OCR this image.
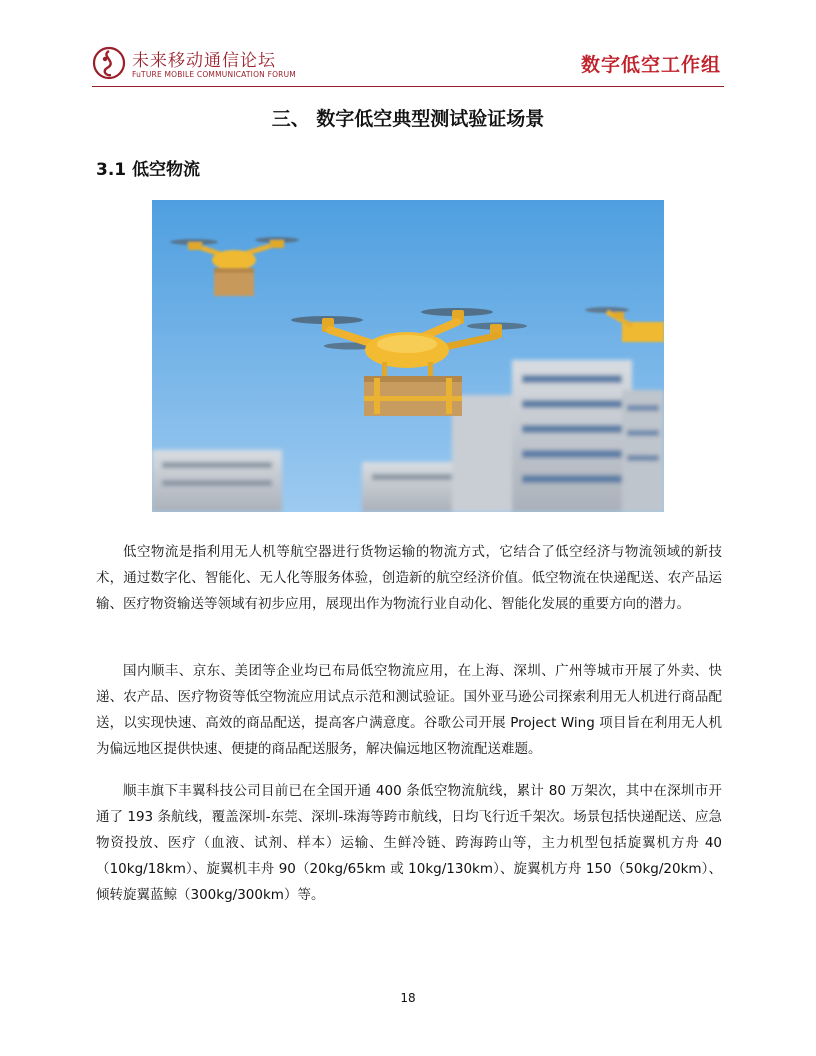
未来移动通信论坛
FuTURE MOBILE COMMUNICATION FORUM	数字低空工作组
三、 数字低空典型测试验证场景
3.1 低空物流

低空物流是指利用无人机等航空器进行货物运输的物流方式，它结合了低空经济与物流领域的新技术，通过数字化、智能化、无人化等服务体验，创造新的航空经济价值。低空物流在快递配送、农产品运输、医疗物资输送等领域有初步应用，展现出作为物流行业自动化、智能化发展的重要方向的潜力。

国内顺丰、京东、美团等企业均已布局低空物流应用，在上海、深圳、广州等城市开展了外卖、快递、农产品、医疗物资等低空物流应用试点示范和测试验证。国外亚马逊公司探索利用无人机进行商品配送，以实现快速、高效的商品配送，提高客户满意度。谷歌公司开展 Project Wing 项目旨在利用无人机为偏远地区提供快速、便捷的商品配送服务，解决偏远地区物流配送难题。

顺丰旗下丰翼科技公司目前已在全国开通 400 条低空物流航线，累计 80 万架次，其中在深圳市开通了 193 条航线，覆盖深圳-东莞、深圳-珠海等跨市航线，日均飞行近千架次。场景包括快递配送、应急物资投放、医疗（血液、试剂、样本）运输、生鲜冷链、跨海跨山等，主力机型包括旋翼机方舟 40（10kg/18km）、旋翼机丰舟 90（20kg/65km 或 10kg/130km）、旋翼机方舟 150（50kg/20km）、倾转旋翼蓝鲸（300kg/300km）等。

18
